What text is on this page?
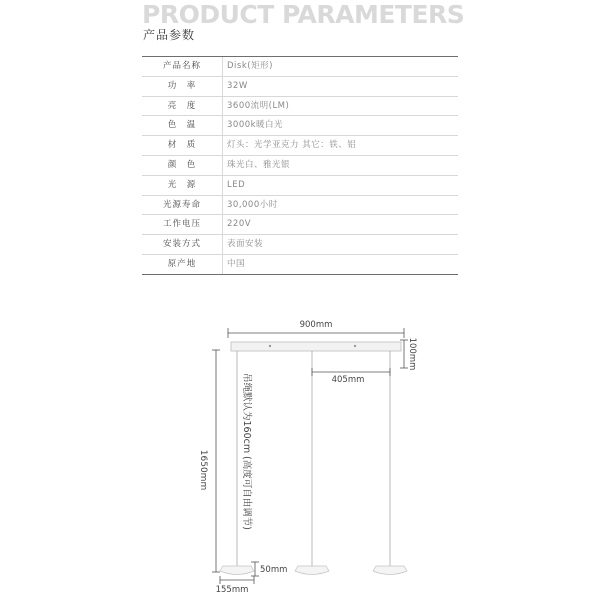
PRODUCT PARAMETERS
产品参数
产品名称	Disk(矩形)
功　率	32W
亮　度	3600流明(LM)
色　温	3000k暖白光
材　质	灯头：光学亚克力 其它：铁、铝
颜　色	珠光白、雅光银
光　源	LED
光源寿命	30,000小时
工作电压	220V
安装方式	表面安装
原产地	中国
900mm
100mm
405mm
1650mm
吊绳默认为160cm
(高度可自由调节)
50mm
155mm
